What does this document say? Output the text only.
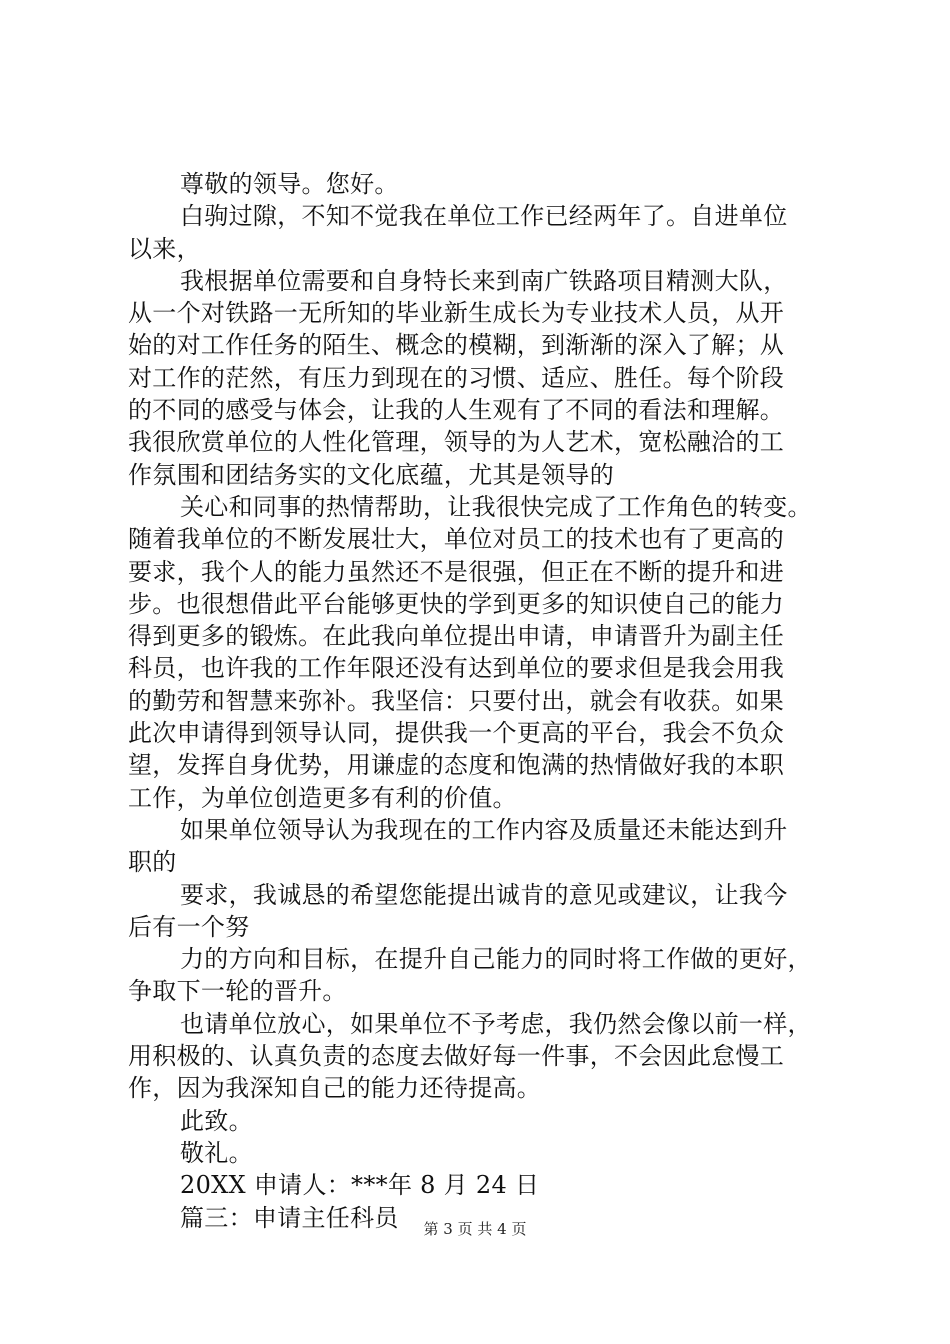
尊敬的领导。您好。
白驹过隙，不知不觉我在单位工作已经两年了。自进单位
以来，
我根据单位需要和自身特长来到南广铁路项目精测大队，
从一个对铁路一无所知的毕业新生成长为专业技术人员，从开
始的对工作任务的陌生、概念的模糊，到渐渐的深入了解；从
对工作的茫然，有压力到现在的习惯、适应、胜任。每个阶段
的不同的感受与体会，让我的人生观有了不同的看法和理解。
我很欣赏单位的人性化管理，领导的为人艺术，宽松融洽的工
作氛围和团结务实的文化底蕴，尤其是领导的
关心和同事的热情帮助，让我很快完成了工作角色的转变。
随着我单位的不断发展壮大，单位对员工的技术也有了更高的
要求，我个人的能力虽然还不是很强，但正在不断的提升和进
步。也很想借此平台能够更快的学到更多的知识使自己的能力
得到更多的锻炼。在此我向单位提出申请，申请晋升为副主任
科员，也许我的工作年限还没有达到单位的要求但是我会用我
的勤劳和智慧来弥补。我坚信：只要付出，就会有收获。如果
此次申请得到领导认同，提供我一个更高的平台，我会不负众
望，发挥自身优势，用谦虚的态度和饱满的热情做好我的本职
工作，为单位创造更多有利的价值。
如果单位领导认为我现在的工作内容及质量还未能达到升
职的
要求，我诚恳的希望您能提出诚肯的意见或建议，让我今
后有一个努
力的方向和目标，在提升自己能力的同时将工作做的更好，
争取下一轮的晋升。
也请单位放心，如果单位不予考虑，我仍然会像以前一样，
用积极的、认真负责的态度去做好每一件事，不会因此怠慢工
作，因为我深知自己的能力还待提高。
此致。
敬礼。
20XX 申请人：***年 8 月 24 日
篇三：申请主任科员	第 3 页 共 4 页
